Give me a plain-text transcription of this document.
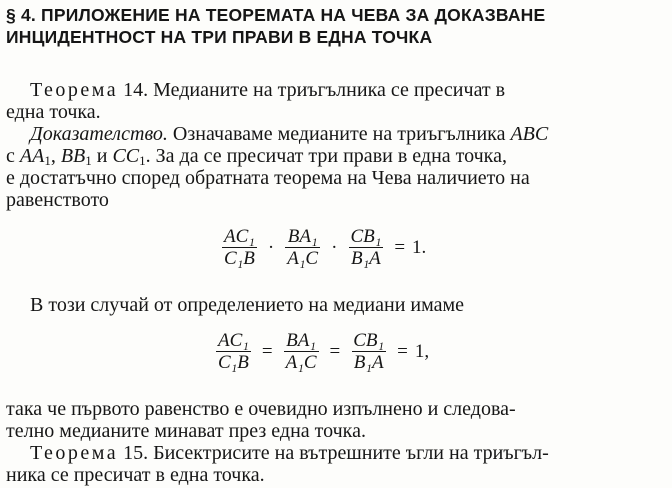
§ 4. ПРИЛОЖЕНИЕ НА ТЕОРЕМАТА НА ЧЕВА ЗА ДОКАЗВАНЕ
ИНЦИДЕНТНОСТ НА ТРИ ПРАВИ В ЕДНА ТОЧКА
Теорема 14. Медианите на триъгълника се пресичат в
една точка.
Доказателство. Означаваме медианите на триъгълника ABC
с $AA_1$, $BB_1$ и $CC_1$. За да се пресичат три прави в една точка,
е достатъчно според обратната теорема на Чева наличието на
равенството
$\frac{\text{AC₁}}{\text{C₁B}} \cdot \frac{\text{BA₁}}{\text{A₁C}} \cdot \frac{\text{CB₁}}{\text{B₁A}} = 1$.
В този случай от определението на медиани имаме
$\frac{\text{AC₁}}{\text{C₁B}} = \frac{\text{BA₁}}{\text{A₁C}} = \frac{\text{CB₁}}{\text{B₁A}} = 1$,
така че първото равенство е очевидно изпълнено и следова-
телно медианите минават през една точка.
Теорема 15. Бисектрисите на вътрешните ъгли на триъгъл-
ника се пресичат в една точка.
